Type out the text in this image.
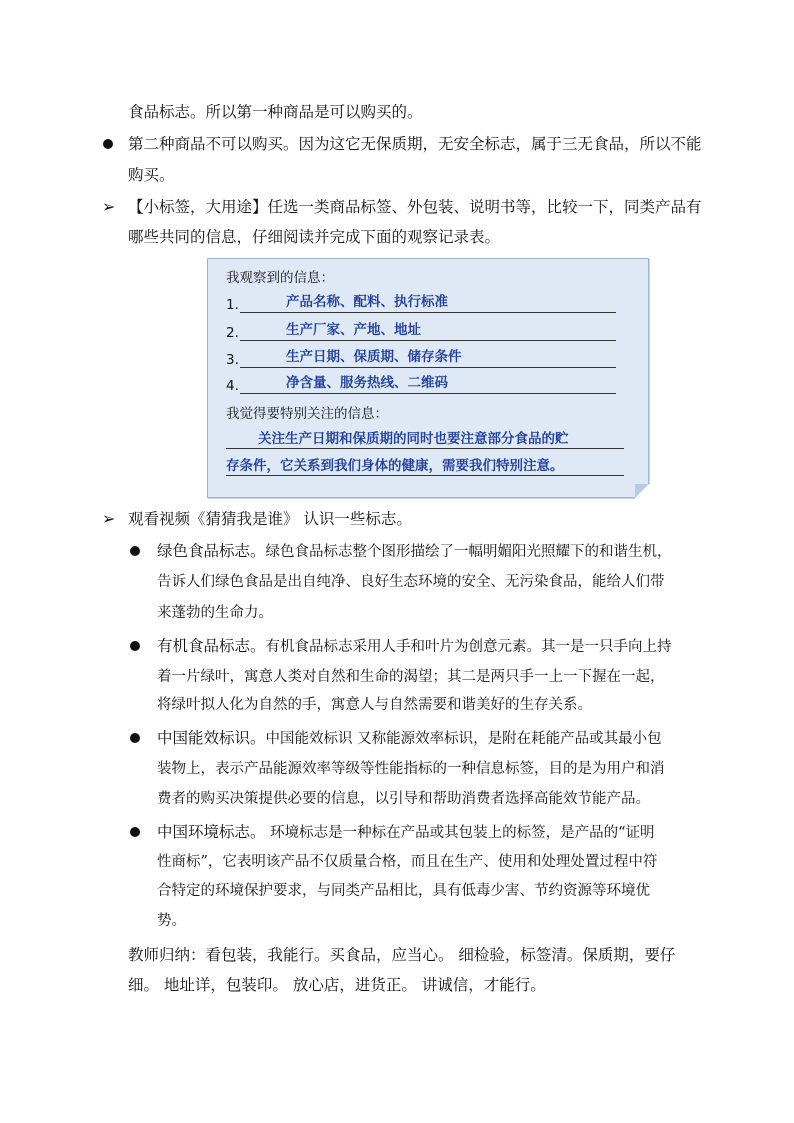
食品标志。所以第一种商品是可以购买的。
第二种商品不可以购买。因为这它无保质期，无安全标志，属于三无食品，所以不能
购买。
➢ 【小标签，大用途】任选一类商品标签、外包装、说明书等，比较一下，同类产品有
哪些共同的信息，仔细阅读并完成下面的观察记录表。
我观察到的信息：
1.	产品名称、配料、执行标准
2.	生产厂家、产地、地址
3.	生产日期、保质期、储存条件
4.	净含量、服务热线、二维码
我觉得要特别关注的信息：
关注生产日期和保质期的同时也要注意部分食品的贮
存条件，它关系到我们身体的健康，需要我们特别注意。
➢ 观看视频《猜猜我是谁》 认识一些标志。
绿色食品标志。绿色食品标志整个图形描绘了一幅明媚阳光照耀下的和谐生机，
告诉人们绿色食品是出自纯净、良好生态环境的安全、无污染食品，能给人们带
来蓬勃的生命力。
有机食品标志。有机食品标志采用人手和叶片为创意元素。其一是一只手向上持
着一片绿叶，寓意人类对自然和生命的渴望；其二是两只手一上一下握在一起，
将绿叶拟人化为自然的手，寓意人与自然需要和谐美好的生存关系。
中国能效标识。中国能效标识 又称能源效率标识，是附在耗能产品或其最小包
装物上，表示产品能源效率等级等性能指标的一种信息标签，目的是为用户和消
费者的购买决策提供必要的信息，以引导和帮助消费者选择高能效节能产品。
中国环境标志。 环境标志是一种标在产品或其包装上的标签，是产品的“证明
性商标”，它表明该产品不仅质量合格，而且在生产、使用和处理处置过程中符
合特定的环境保护要求，与同类产品相比，具有低毒少害、节约资源等环境优
势。
教师归纳：看包装，我能行。买食品，应当心。 细检验，标签清。保质期，要仔
细。 地址详，包装印。 放心店，进货正。 讲诚信，才能行。
